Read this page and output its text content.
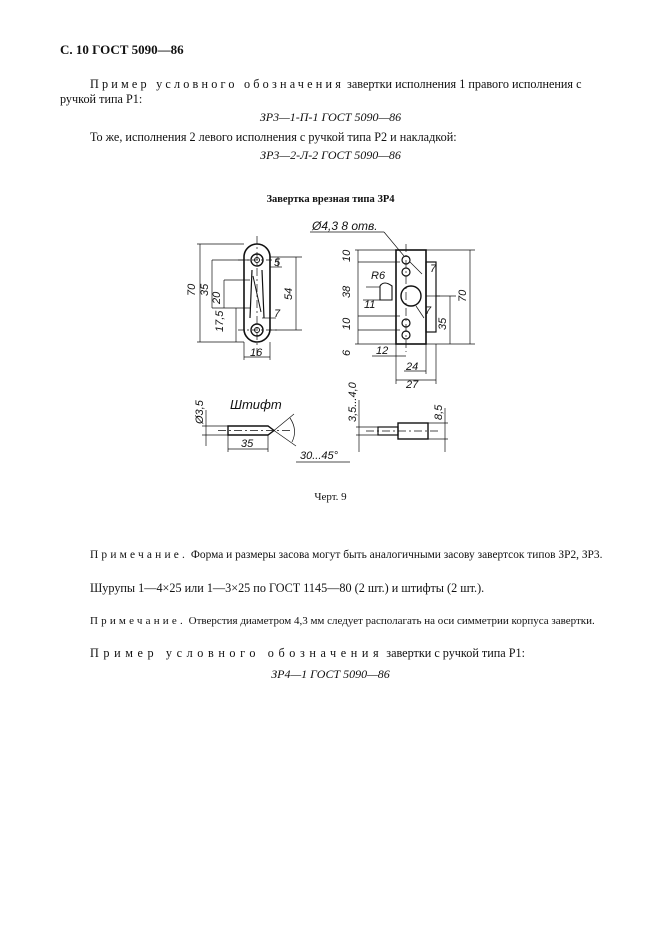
С. 10 ГОСТ 5090—86
Пример условного обозначения завертки исполнения 1 правого исполнения с
ручкой типа Р1:
ЗР3—1-П-1 ГОСТ 5090—86
То же, исполнения 2 левого исполнения с ручкой типа Р2 и накладкой:
ЗР3—2-Л-2 ГОСТ 5090—86
Завертка врезная типа ЗР4
Ø4,3 8 отв.
70 35
20
17,5
54
5
7
16
10
38
10
6
R6
11
7
7
35
70
12
24
27
Штифт
Ø3,5
35
30...45°
3,5...4,0	8,5
Черт. 9
Примечание. Форма и размеры засова могут быть аналогичными засову завертсок типов ЗР2, ЗР3.
Шурупы 1—4×25 или 1—3×25 по ГОСТ 1145—80 (2 шт.) и штифты (2 шт.).
Примечание. Отверстия диаметром 4,3 мм следует располагать на оси симметрии корпуса завертки.
Пример условного обозначения завертки с ручкой типа Р1:
ЗР4—1 ГОСТ 5090—86
